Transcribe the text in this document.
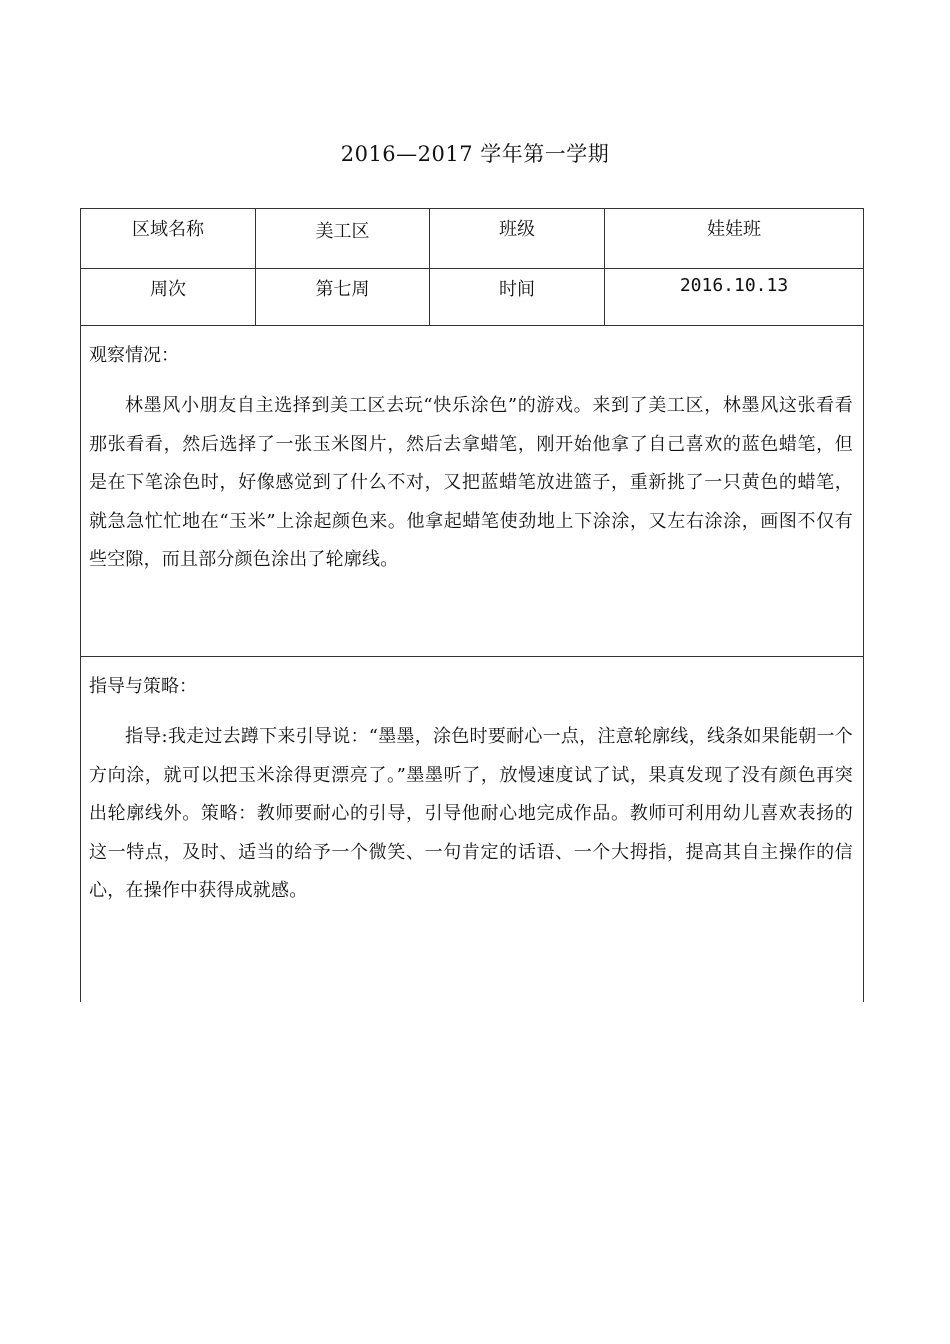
2016—2017 学年第一学期
区域名称	美工区	班级	娃娃班
周次	第七周	时间	2016.10.13

观察情况：
林墨风小朋友自主选择到美工区去玩“快乐涂色”的游戏。来到了美工区，林墨风这张看看那张看看，然后选择了一张玉米图片，然后去拿蜡笔，刚开始他拿了自己喜欢的蓝色蜡笔，但是在下笔涂色时，好像感觉到了什么不对，又把蓝蜡笔放进篮子，重新挑了一只黄色的蜡笔，就急急忙忙地在“玉米”上涂起颜色来。他拿起蜡笔使劲地上下涂涂，又左右涂涂，画图不仅有些空隙，而且部分颜色涂出了轮廓线。			

指导与策略：
指导:我走过去蹲下来引导说：“墨墨，涂色时要耐心一点，注意轮廓线，线条如果能朝一个方向涂，就可以把玉米涂得更漂亮了。”墨墨听了，放慢速度试了试，果真发现了没有颜色再突出轮廓线外。策略：教师要耐心的引导，引导他耐心地完成作品。教师可利用幼儿喜欢表扬的这一特点，及时、适当的给予一个微笑、一句肯定的话语、一个大拇指，提高其自主操作的信心，在操作中获得成就感。			
